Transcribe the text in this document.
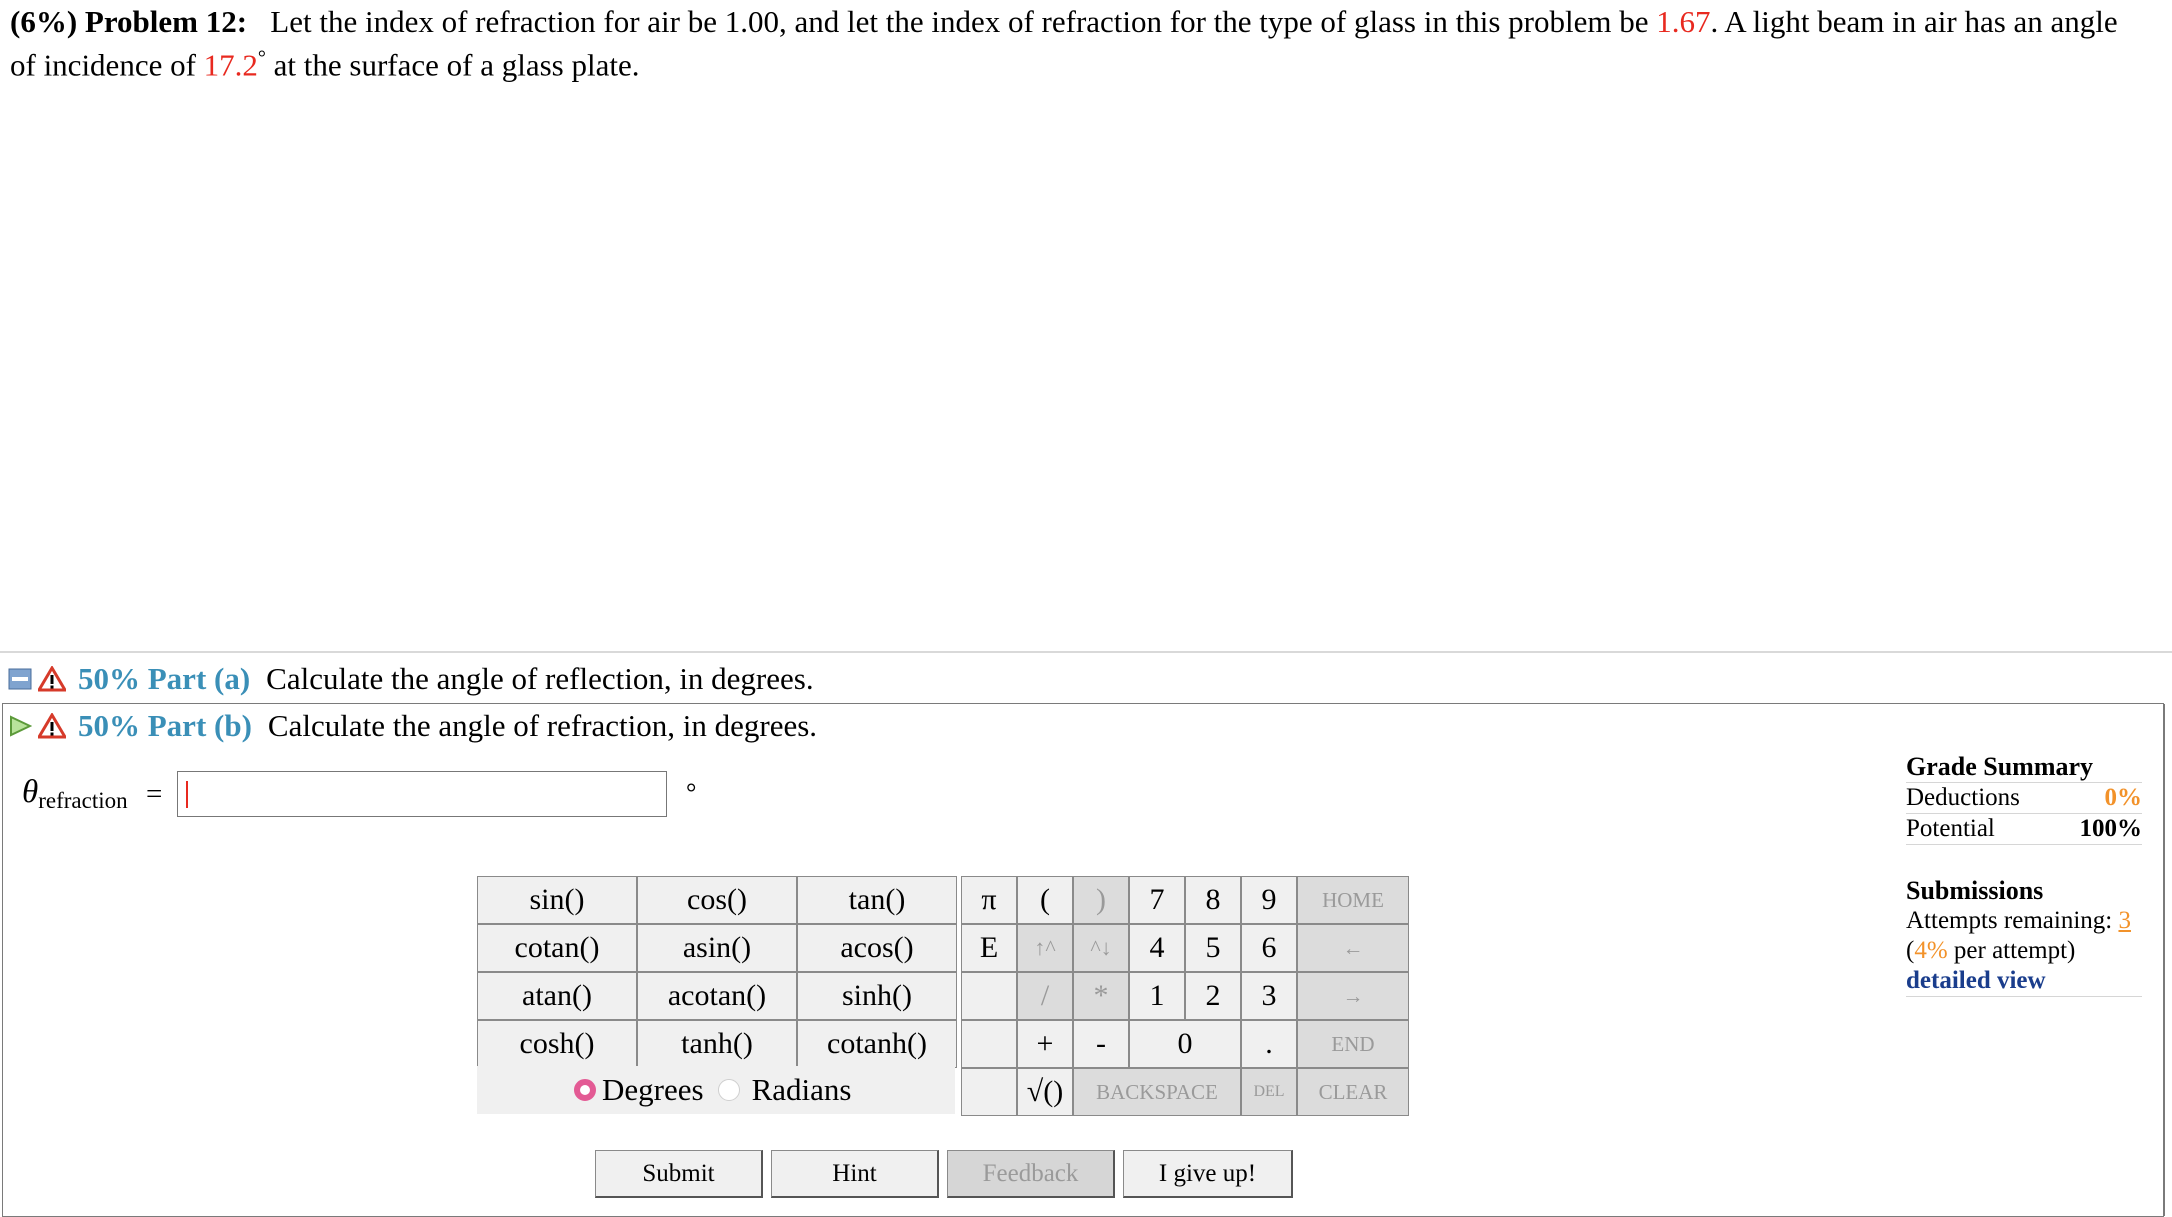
(6%) Problem 12: Let the index of refraction for air be 1.00, and let the index of refraction for the type of glass in this problem be 1.67. A light beam in air has an angle of incidence of 17.2° at the surface of a glass plate.
50% Part (a) Calculate the angle of reflection, in degrees.
50% Part (b) Calculate the angle of refraction, in degrees.
θrefraction =	°
sin()	cos()	tan()
cotan()	asin()	acos()
atan()	acotan()	sinh()
cosh()	tanh()	cotanh()
π	(	)	7	8	9	HOME
E	↑^	^↓	4	5	6	←
/	*	1	2	3	→
+	-	0	.	END
√()	BACKSPACE	DEL	CLEAR
Degrees Radians
Submit	Hint	Feedback	I give up!
Grade Summary
Deductions	0%
Potential	100%
Submissions
Attempts remaining: 3
(4% per attempt)
detailed view
